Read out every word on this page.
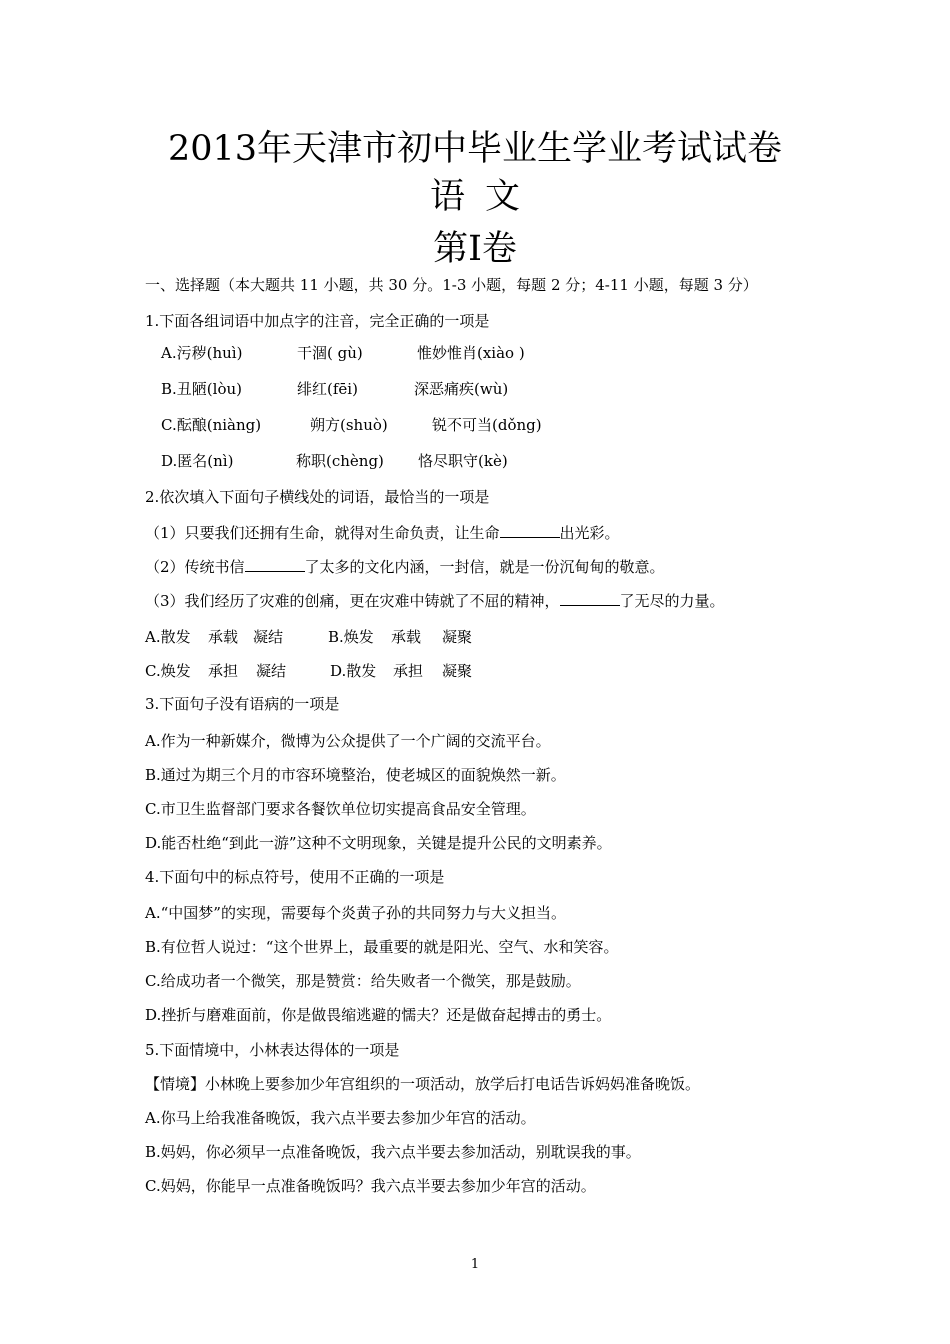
2013年天津市初中毕业生学业考试试卷
语文
第Ⅰ卷
一、选择题（本大题共 11 小题，共 30 分。1-3 小题，每题 2 分；4-11 小题，每题 3 分）
1.下面各组词语中加点字的注音，完全正确的一项是
A.污秽(huì)	干涸( gù)	惟妙惟肖(xiào )
B.丑陋(lòu)	绯红(fēi)	深恶痛疾(wù)
C.酝酿(niàng)	朔方(shuò)	锐不可当(dǒng)
D.匿名(nì)	称职(chèng) 恪尽职守(kè)
2.依次填入下面句子横线处的词语，最恰当的一项是
（1）只要我们还拥有生命，就得对生命负责，让生命	出光彩。
（2）传统书信	了太多的文化内涵，一封信，就是一份沉甸甸的敬意。
（3）我们经历了灾难的创痛，更在灾难中铸就了不屈的精神，	了无尽的力量。
A.散发 承载 凝结	B.焕发 承载 凝聚
C.焕发 承担 凝结	D.散发 承担 凝聚
3.下面句子没有语病的一项是
A.作为一种新媒介，微博为公众提供了一个广阔的交流平台。
B.通过为期三个月的市容环境整治，使老城区的面貌焕然一新。
C.市卫生监督部门要求各餐饮单位切实提高食品安全管理。
D.能否杜绝“到此一游”这种不文明现象，关键是提升公民的文明素养。
4.下面句中的标点符号，使用不正确的一项是
A.“中国梦”的实现，需要每个炎黄子孙的共同努力与大义担当。
B.有位哲人说过：“这个世界上，最重要的就是阳光、空气、水和笑容。
C.给成功者一个微笑，那是赞赏：给失败者一个微笑，那是鼓励。
D.挫折与磨难面前，你是做畏缩逃避的懦夫？还是做奋起搏击的勇士。
5.下面情境中，小林表达得体的一项是
【情境】小林晚上要参加少年宫组织的一项活动，放学后打电话告诉妈妈准备晚饭。
A.你马上给我准备晚饭，我六点半要去参加少年宫的活动。
B.妈妈，你必须早一点准备晚饭，我六点半要去参加活动，别耽误我的事。
C.妈妈，你能早一点准备晚饭吗？我六点半要去参加少年宫的活动。
1
